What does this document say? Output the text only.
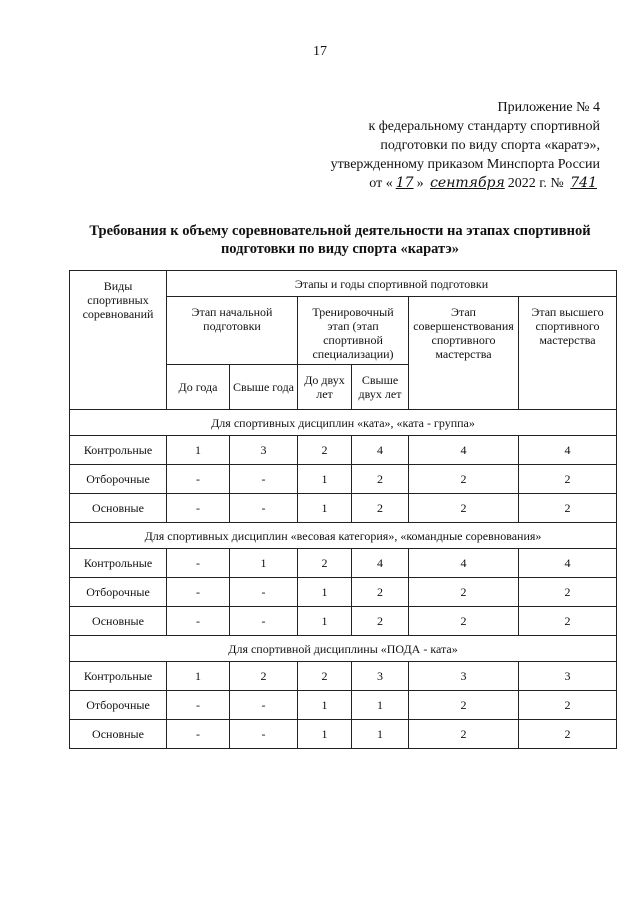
17
Приложение № 4
к федеральному стандарту спортивной
подготовки по виду спорта «каратэ»,
утвержденному приказом Минспорта России
от « 17 » сентября 2022 г. № 741
Требования к объему соревновательной деятельности на этапах спортивной
подготовки по виду спорта «каратэ»
Виды спортивных соревнований	Этапы и годы спортивной подготовки					
	Этап начальной подготовки		Тренировочный этап (этап спортивной специализации)		Этап совершенствования спортивного мастерства	Этап высшего спортивного мастерства
	До года	Свыше года	До двух лет	Свыше двух лет		
Для спортивных дисциплин «ката», «ката - группа»						
Контрольные	1	3	2	4	4	4
Отборочные	-	-	1	2	2	2
Основные	-	-	1	2	2	2
Для спортивных дисциплин «весовая категория», «командные соревнования»						
Контрольные	-	1	2	4	4	4
Отборочные	-	-	1	2	2	2
Основные	-	-	1	2	2	2
Для спортивной дисциплины «ПОДА - ката»						
Контрольные	1	2	2	3	3	3
Отборочные	-	-	1	1	2	2
Основные	-	-	1	1	2	2
